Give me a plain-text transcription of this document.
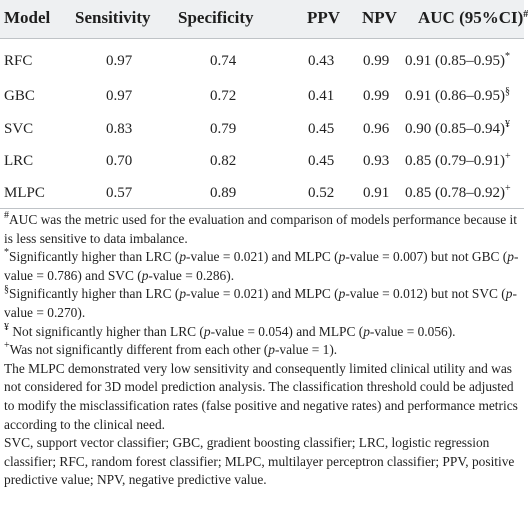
Model Sensitivity Specificity	PPV NPV AUC (95%CI)#
RFC	0.97	0.74	0.43 0.99 0.91 (0.85–0.95)*
GBC	0.97	0.72	0.41 0.99 0.91 (0.86–0.95)§
SVC	0.83	0.79	0.45 0.96 0.90 (0.85–0.94)¥
LRC	0.70	0.82	0.45 0.93 0.85 (0.79–0.91)+
MLPC	0.57	0.89	0.52 0.91 0.85 (0.78–0.92)+

#AUC was the metric used for the evaluation and comparison of models performance because it is less sensitive to data imbalance.

*Significantly higher than LRC (p-value = 0.021) and MLPC (p-value = 0.007) but not GBC (p-value = 0.786) and SVC (p-value = 0.286).

§Significantly higher than LRC (p-value = 0.021) and MLPC (p-value = 0.012) but not SVC (p-value = 0.270).

¥ Not significantly higher than LRC (p-value = 0.054) and MLPC (p-value = 0.056).

+Was not significantly different from each other (p-value = 1).

The MLPC demonstrated very low sensitivity and consequently limited clinical utility and was not considered for 3D model prediction analysis. The classification threshold could be adjusted to modify the misclassification rates (false positive and negative rates) and performance metrics according to the clinical need.

SVC, support vector classifier; GBC, gradient boosting classifier; LRC, logistic regression classifier; RFC, random forest classifier; MLPC, multilayer perceptron classifier; PPV, positive predictive value; NPV, negative predictive value.
